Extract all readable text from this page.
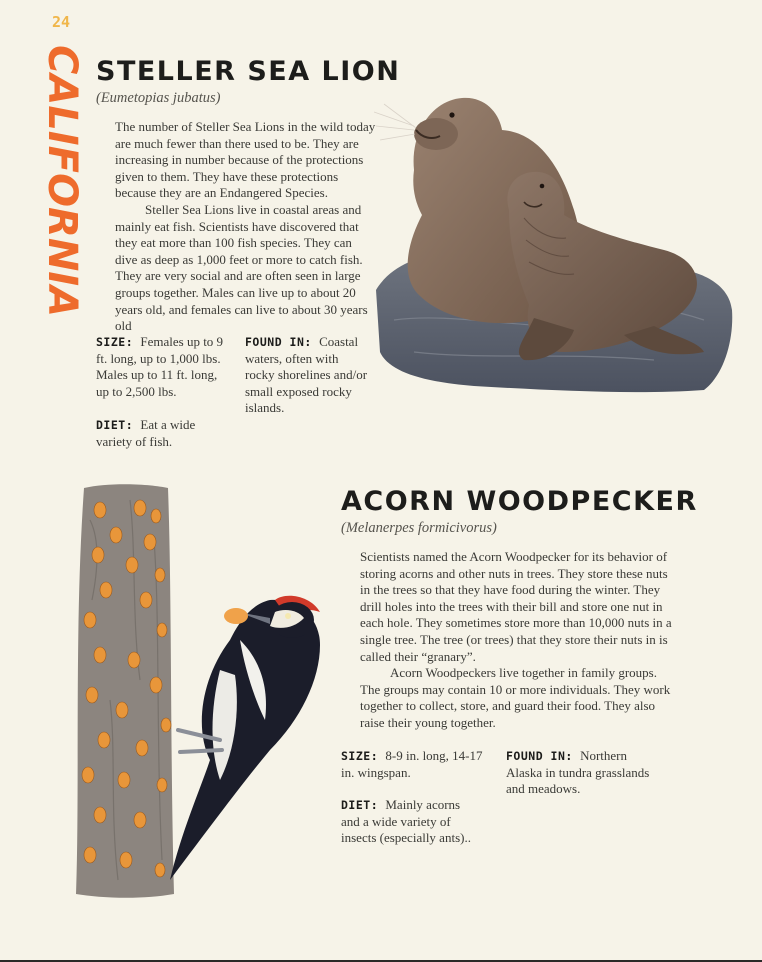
24
CALIFORNIA STELLER SEA LION
(Eumetopias jubatus)

The number of Steller Sea Lions in the wild today are much fewer than there used to be. They are increasing in number because of the protections given to them. They have these protections because they are an Endangered Species.

Steller Sea Lions live in coastal areas and mainly eat fish. Scientists have discovered that they eat more than 100 fish species. They can dive as deep as 1,000 feet or more to catch fish. They are very social and are often seen in large groups together. Males can live up to about 20 years old, and females can live to about 30 years old

SIZE: Females up to 9 ft. long, up to 1,000 lbs. Males up to 11 ft. long, up to 2,500 lbs.
FOUND IN: Coastal waters, often with rocky shorelines and/or small exposed rocky islands.
DIET: Eat a wide variety of fish.
ACORN WOODPECKER
(Melanerpes formicivorus)

Scientists named the Acorn Woodpecker for its behavior of storing acorns and other nuts in trees. They store these nuts in the trees so that they have food during the winter. They drill holes into the trees with their bill and store one nut in each hole. They sometimes store more than 10,000 nuts in a single tree. The tree (or trees) that they store their nuts in is called their “granary”.

Acorn Woodpeckers live together in family groups. The groups may contain 10 or more individuals. They work together to collect, store, and guard their food. They also raise their young together.

SIZE: 8-9 in. long, 14-17 in. wingspan.
FOUND IN: Northern Alaska in tundra grasslands and meadows.
DIET: Mainly acorns and a wide variety of insects (especially ants)..
